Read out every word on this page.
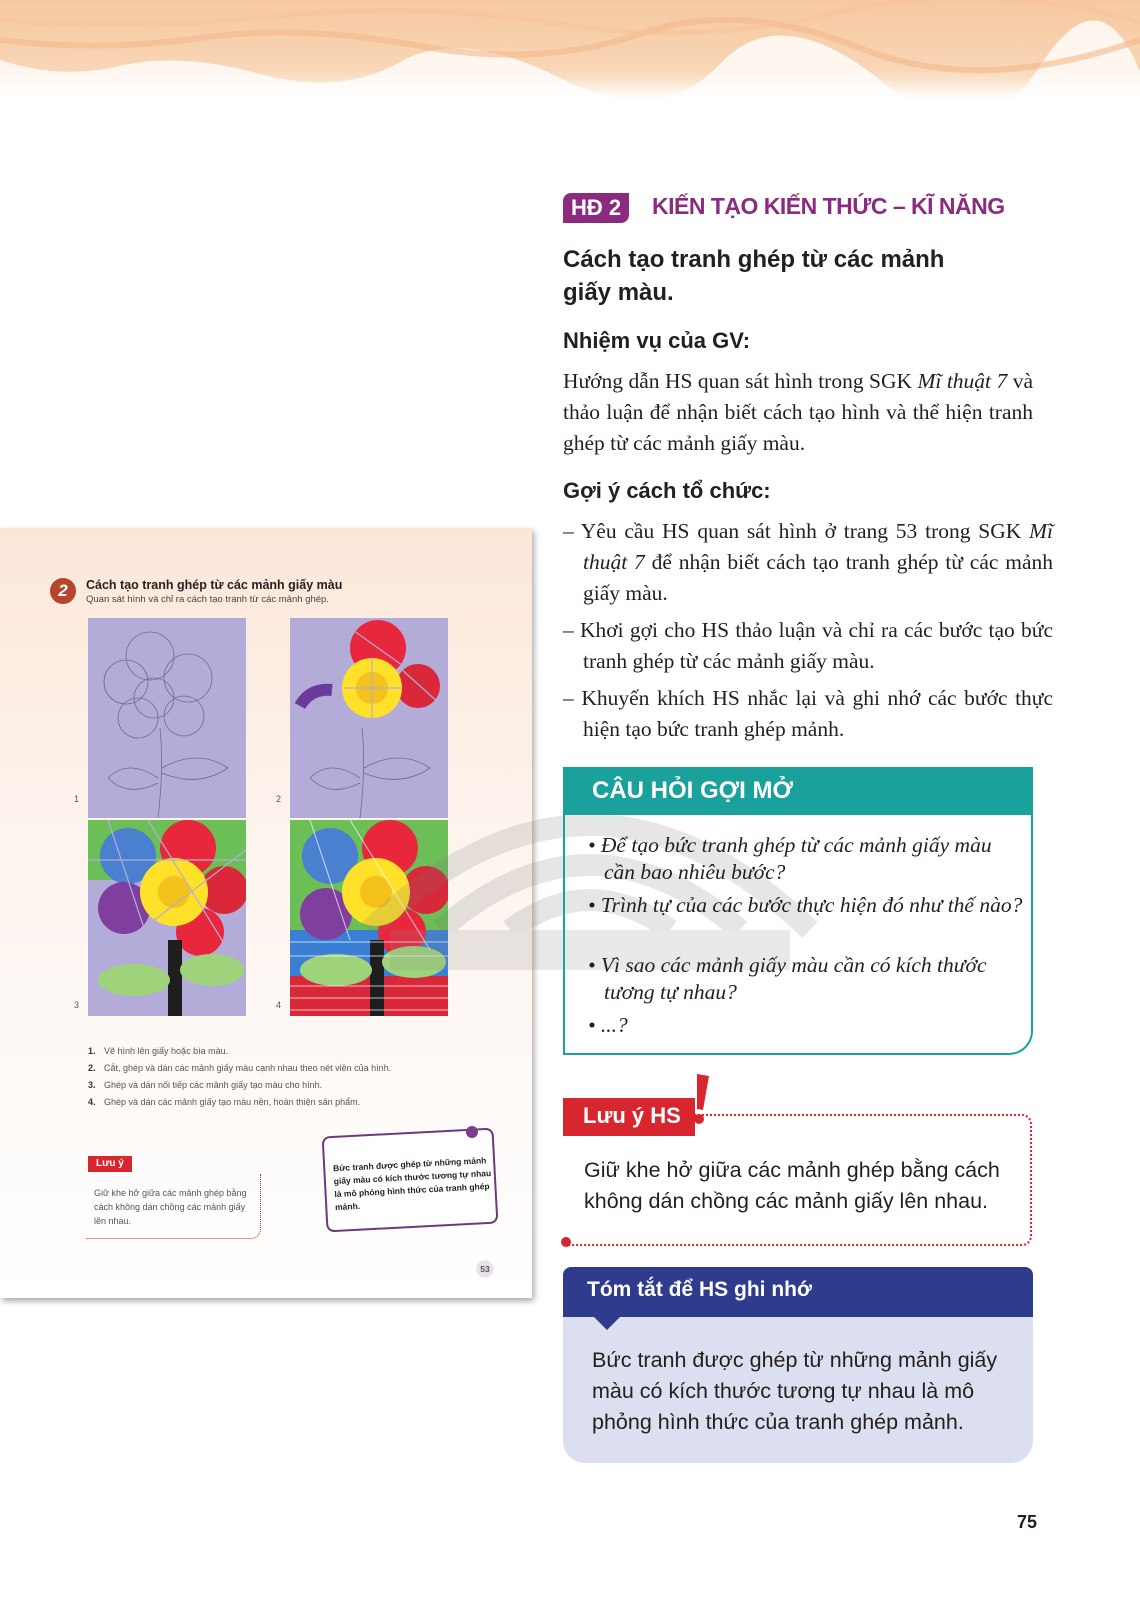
2	Cách tạo tranh ghép từ các mảnh giấy màu
Quan sát hình và chỉ ra cách tạo tranh từ các mảnh ghép.
1	2
3	4
1. Vẽ hình lên giấy hoặc bìa màu.
2. Cắt, ghép và dán các mảnh giấy màu cạnh nhau theo nét viền của hình.
3. Ghép và dán nối tiếp các mảnh giấy tạo màu cho hình.
4. Ghép và dán các mảnh giấy tạo màu nền, hoàn thiện sản phẩm.
Lưu ý
Giữ khe hở giữa các mảnh ghép bằng cách không dán chồng các mảnh giấy lên nhau.
Bức tranh được ghép từ những mảnh giấy màu có kích thước tương tự nhau là mô phỏng hình thức của tranh ghép mảnh.
53
HĐ 2	KIẾN TẠO KIẾN THỨC – KĨ NĂNG
Cách tạo tranh ghép từ các mảnh giấy màu.
Nhiệm vụ của GV:
Hướng dẫn HS quan sát hình trong SGK Mĩ thuật 7 và thảo luận để nhận biết cách tạo hình và thể hiện tranh ghép từ các mảnh giấy màu.
Gợi ý cách tổ chức:
– Yêu cầu HS quan sát hình ở trang 53 trong SGK Mĩ thuật 7 để nhận biết cách tạo tranh ghép từ các mảnh giấy màu.
– Khơi gợi cho HS thảo luận và chỉ ra các bước tạo bức tranh ghép từ các mảnh giấy màu.
– Khuyến khích HS nhắc lại và ghi nhớ các bước thực hiện tạo bức tranh ghép mảnh.
CÂU HỎI GỢI MỞ
• Để tạo bức tranh ghép từ các mảnh giấy màu cần bao nhiêu bước?
• Trình tự của các bước thực hiện đó như thế nào?
• Vì sao các mảnh giấy màu cần có kích thước tương tự nhau?
• ...?
Lưu ý HS
Giữ khe hở giữa các mảnh ghép bằng cách không dán chồng các mảnh giấy lên nhau.
Tóm tắt để HS ghi nhớ
Bức tranh được ghép từ những mảnh giấy màu có kích thước tương tự nhau là mô phỏng hình thức của tranh ghép mảnh.
75
